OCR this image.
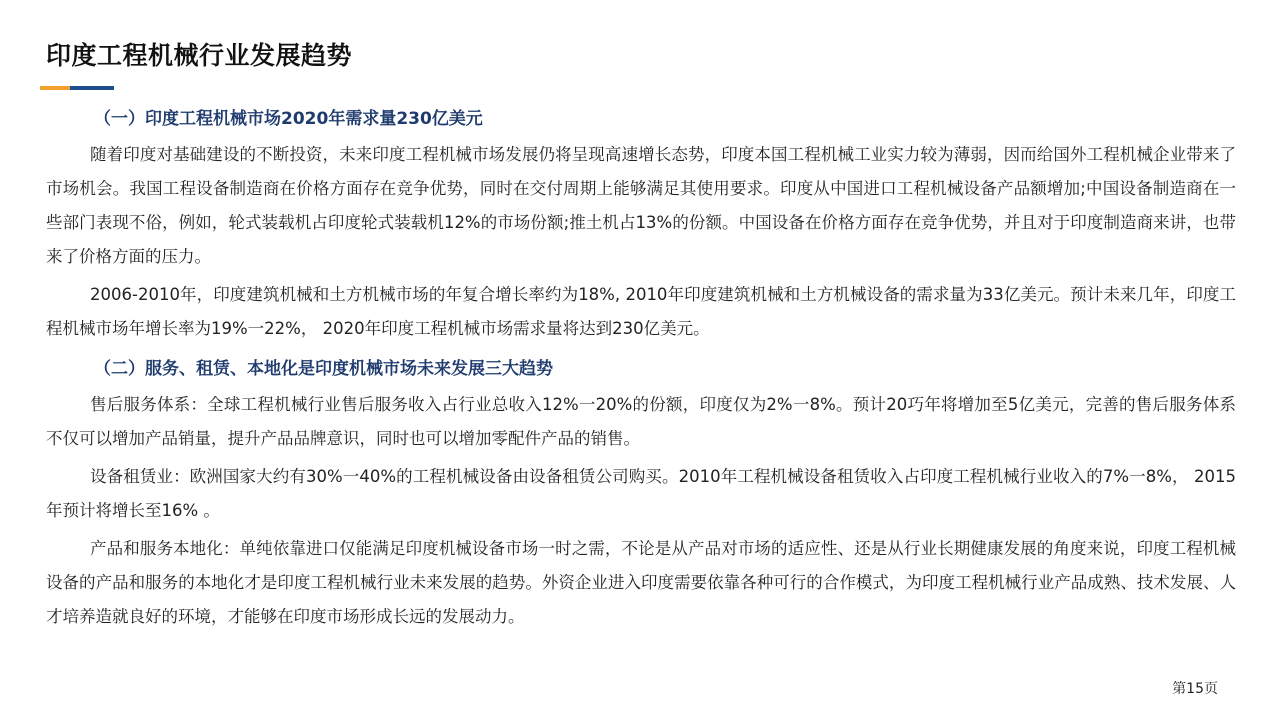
印度工程机械行业发展趋势

（一）印度工程机械市场2020年需求量230亿美元

随着印度对基础建设的不断投资，未来印度工程机械市场发展仍将呈现高速增长态势，印度本国工程机械工业实力较为薄弱，因而给国外工程机械企业带来了市场机会。我国工程设备制造商在价格方面存在竞争优势，同时在交付周期上能够满足其使用要求。印度从中国进口工程机械设备产品额增加;中国设备制造商在一些部门表现不俗，例如，轮式装载机占印度轮式装载机12%的市场份额;推土机占13%的份额。中国设备在价格方面存在竞争优势，并且对于印度制造商来讲，也带来了价格方面的压力。

2006-2010年，印度建筑机械和土方机械市场的年复合增长率约为18%, 2010年印度建筑机械和土方机械设备的需求量为33亿美元。预计未来几年，印度工程机械市场年增长率为19%一22%， 2020年印度工程机械市场需求量将达到230亿美元。

（二）服务、租赁、本地化是印度机械市场未来发展三大趋势

售后服务体系：全球工程机械行业售后服务收入占行业总收入12%一20%的份额，印度仅为2%一8%。预计20巧年将增加至5亿美元，完善的售后服务体系不仅可以增加产品销量，提升产品品牌意识，同时也可以增加零配件产品的销售。

设备租赁业：欧洲国家大约有30%一40%的工程机械设备由设备租赁公司购买。2010年工程机械设备租赁收入占印度工程机械行业收入的7%一8%， 2015年预计将增长至16% 。

产品和服务本地化：单纯依靠进口仅能满足印度机械设备市场一时之需，不论是从产品对市场的适应性、还是从行业长期健康发展的角度来说，印度工程机械设备的产品和服务的本地化才是印度工程机械行业未来发展的趋势。外资企业进入印度需要依靠各种可行的合作模式，为印度工程机械行业产品成熟、技术发展、人才培养造就良好的环境，才能够在印度市场形成长远的发展动力。

第15页
